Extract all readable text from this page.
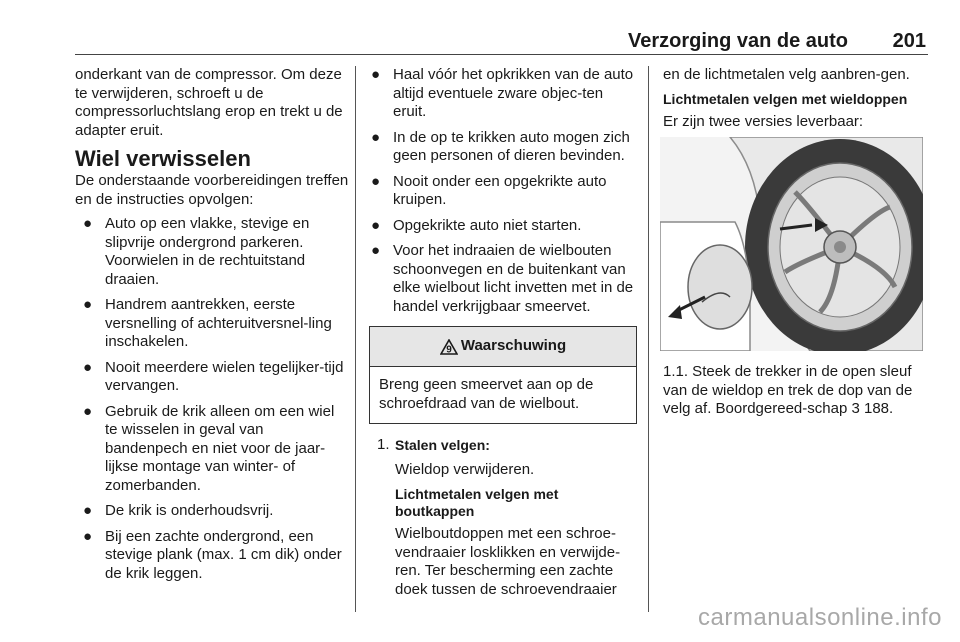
Verzorging van de auto 201

onderkant van de compressor. Om deze te verwijderen, schroeft u de compressorluchtslang erop en trekt u de adapter eruit.

Wiel verwisselen

De onderstaande voorbereidingen treffen en de instructies opvolgen:

● Auto op een vlakke, stevige en slipvrije ondergrond parkeren. Voorwielen in de rechtuitstand draaien.
● Handrem aantrekken, eerste versnelling of achteruitversnel-ling inschakelen.
● Nooit meerdere wielen tegelijker-tijd vervangen.
● Gebruik de krik alleen om een wiel te wisselen in geval van bandenpech en niet voor de jaar-lijkse montage van winter- of zomerbanden.
● De krik is onderhoudsvrij.
● Bij een zachte ondergrond, een stevige plank (max. 1 cm dik) onder de krik leggen.
● Haal vóór het opkrikken van de auto altijd eventuele zware objec-ten eruit.
● In de op te krikken auto mogen zich geen personen of dieren bevinden.
● Nooit onder een opgekrikte auto kruipen.
● Opgekrikte auto niet starten.
● Voor het indraaien de wielbouten schoonvegen en de buitenkant van elke wielbout licht invetten met in de handel verkrijgbaar smeervet.
9 Waarschuwing
Breng geen smeervet aan op de schroefdraad van de wielbout.
1. Stalen velgen:
Wieldop verwijderen.
Lichtmetalen velgen met boutkappen
Wielboutdoppen met een schroe-vendraaier losklikken en verwijde-ren. Ter bescherming een zachte doek tussen de schroevendraaier

en de lichtmetalen velg aanbren-gen.

Lichtmetalen velgen met wieldoppen

Er zijn twee versies leverbaar:

1.1. Steek de trekker in de open sleuf van de wieldop en trek de dop van de velg af. Boordgereed-schap 3 188.

carmanualsonline.info
